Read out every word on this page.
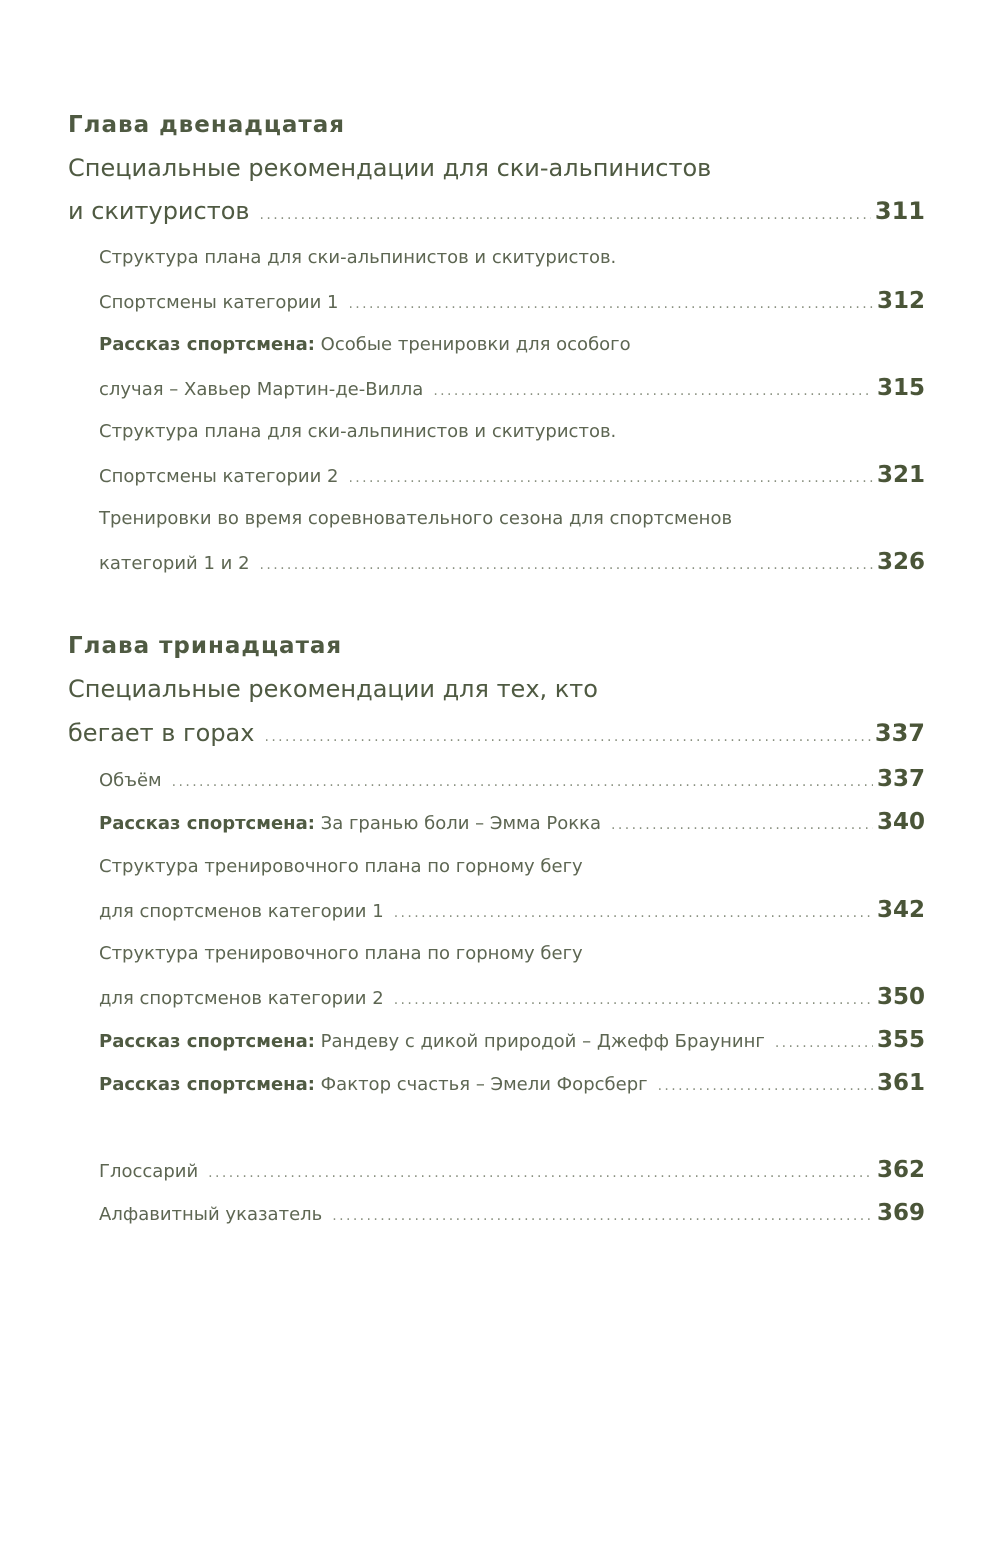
Глава двенадцатая
Специальные рекомендации для ски-альпинистов
и скитуристов .....	311
Структура плана для ски-альпинистов и скитуристов.
Спортсмены категории 1 .....	312
Рассказ спортсмена: Особые тренировки для особого
случая – Хавьер Мартин-де-Вилла .....	315
Структура плана для ски-альпинистов и скитуристов.
Спортсмены категории 2 .....	321
Тренировки во время соревновательного сезона для спортсменов
категорий 1 и 2 .....	326
Глава тринадцатая
Специальные рекомендации для тех, кто
бегает в горах .....	337
Объём .....	337
Рассказ спортсмена: За гранью боли – Эмма Рокка .....	340
Структура тренировочного плана по горному бегу
для спортсменов категории 1 .....	342
Структура тренировочного плана по горному бегу
для спортсменов категории 2 .....	350
Рассказ спортсмена: Рандеву с дикой природой – Джефф Браунинг .....	355
Рассказ спортсмена: Фактор счастья – Эмели Форсберг .....	361
Глоссарий .....	362
Алфавитный указатель .....	369
